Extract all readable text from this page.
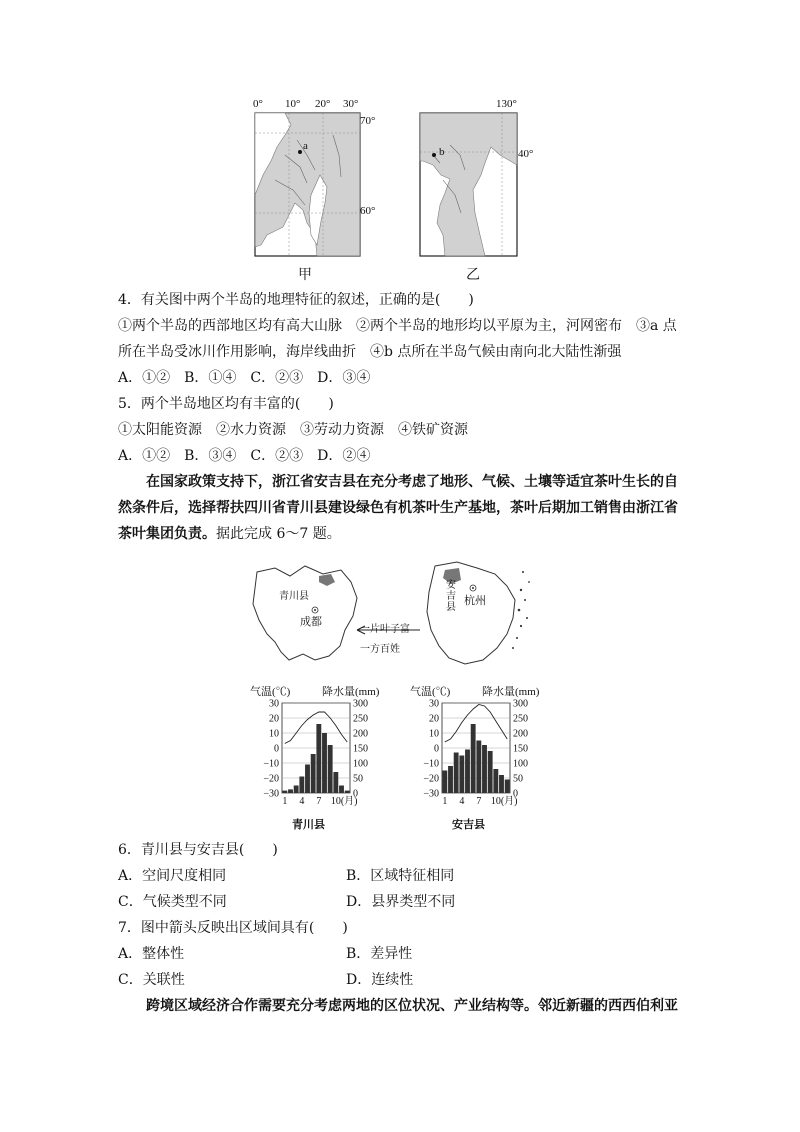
0° 10° 20° 30°
70°
60°
a
甲
130°
40°
b
乙
4．有关图中两个半岛的地理特征的叙述，正确的是(　　)
①两个半岛的西部地区均有高大山脉　②两个半岛的地形均以平原为主，河网密布　③a 点
所在半岛受冰川作用影响，海岸线曲折　④b 点所在半岛气候由南向北大陆性渐强
A．①②　B．①④　C．②③　D．③④
5．两个半岛地区均有丰富的(　　)
①太阳能资源　②水力资源　③劳动力资源　④铁矿资源
A．①②　B．③④　C．②③　D．②④
在国家政策支持下，浙江省安吉县在充分考虑了地形、气候、土壤等适宜茶叶生长的自
然条件后，选择帮扶四川省青川县建设绿色有机茶叶生产基地，茶叶后期加工销售由浙江省
茶叶集团负责。据此完成 6～7 题。
青川县
成都
安吉县
杭州
一片叶子富
一方百姓
气温(℃)	降水量(mm)
30	300
20	250
10	200
0	150
−10	100
−20	50
−30	0
1 4 7 10 (月)
青川县
气温(℃)	降水量(mm)
30	300
20	250
10	200
0	150
−10	100
−20	50
−30	0
1 4 7 10 (月)
安吉县
6．青川县与安吉县(　　)
A．空间尺度相同	B．区域特征相同
C．气候类型不同	D．县界类型不同
7．图中箭头反映出区域间具有(　　)
A．整体性	B．差异性
C．关联性	D．连续性
跨境区域经济合作需要充分考虑两地的区位状况、产业结构等。邻近新疆的西西伯利亚
